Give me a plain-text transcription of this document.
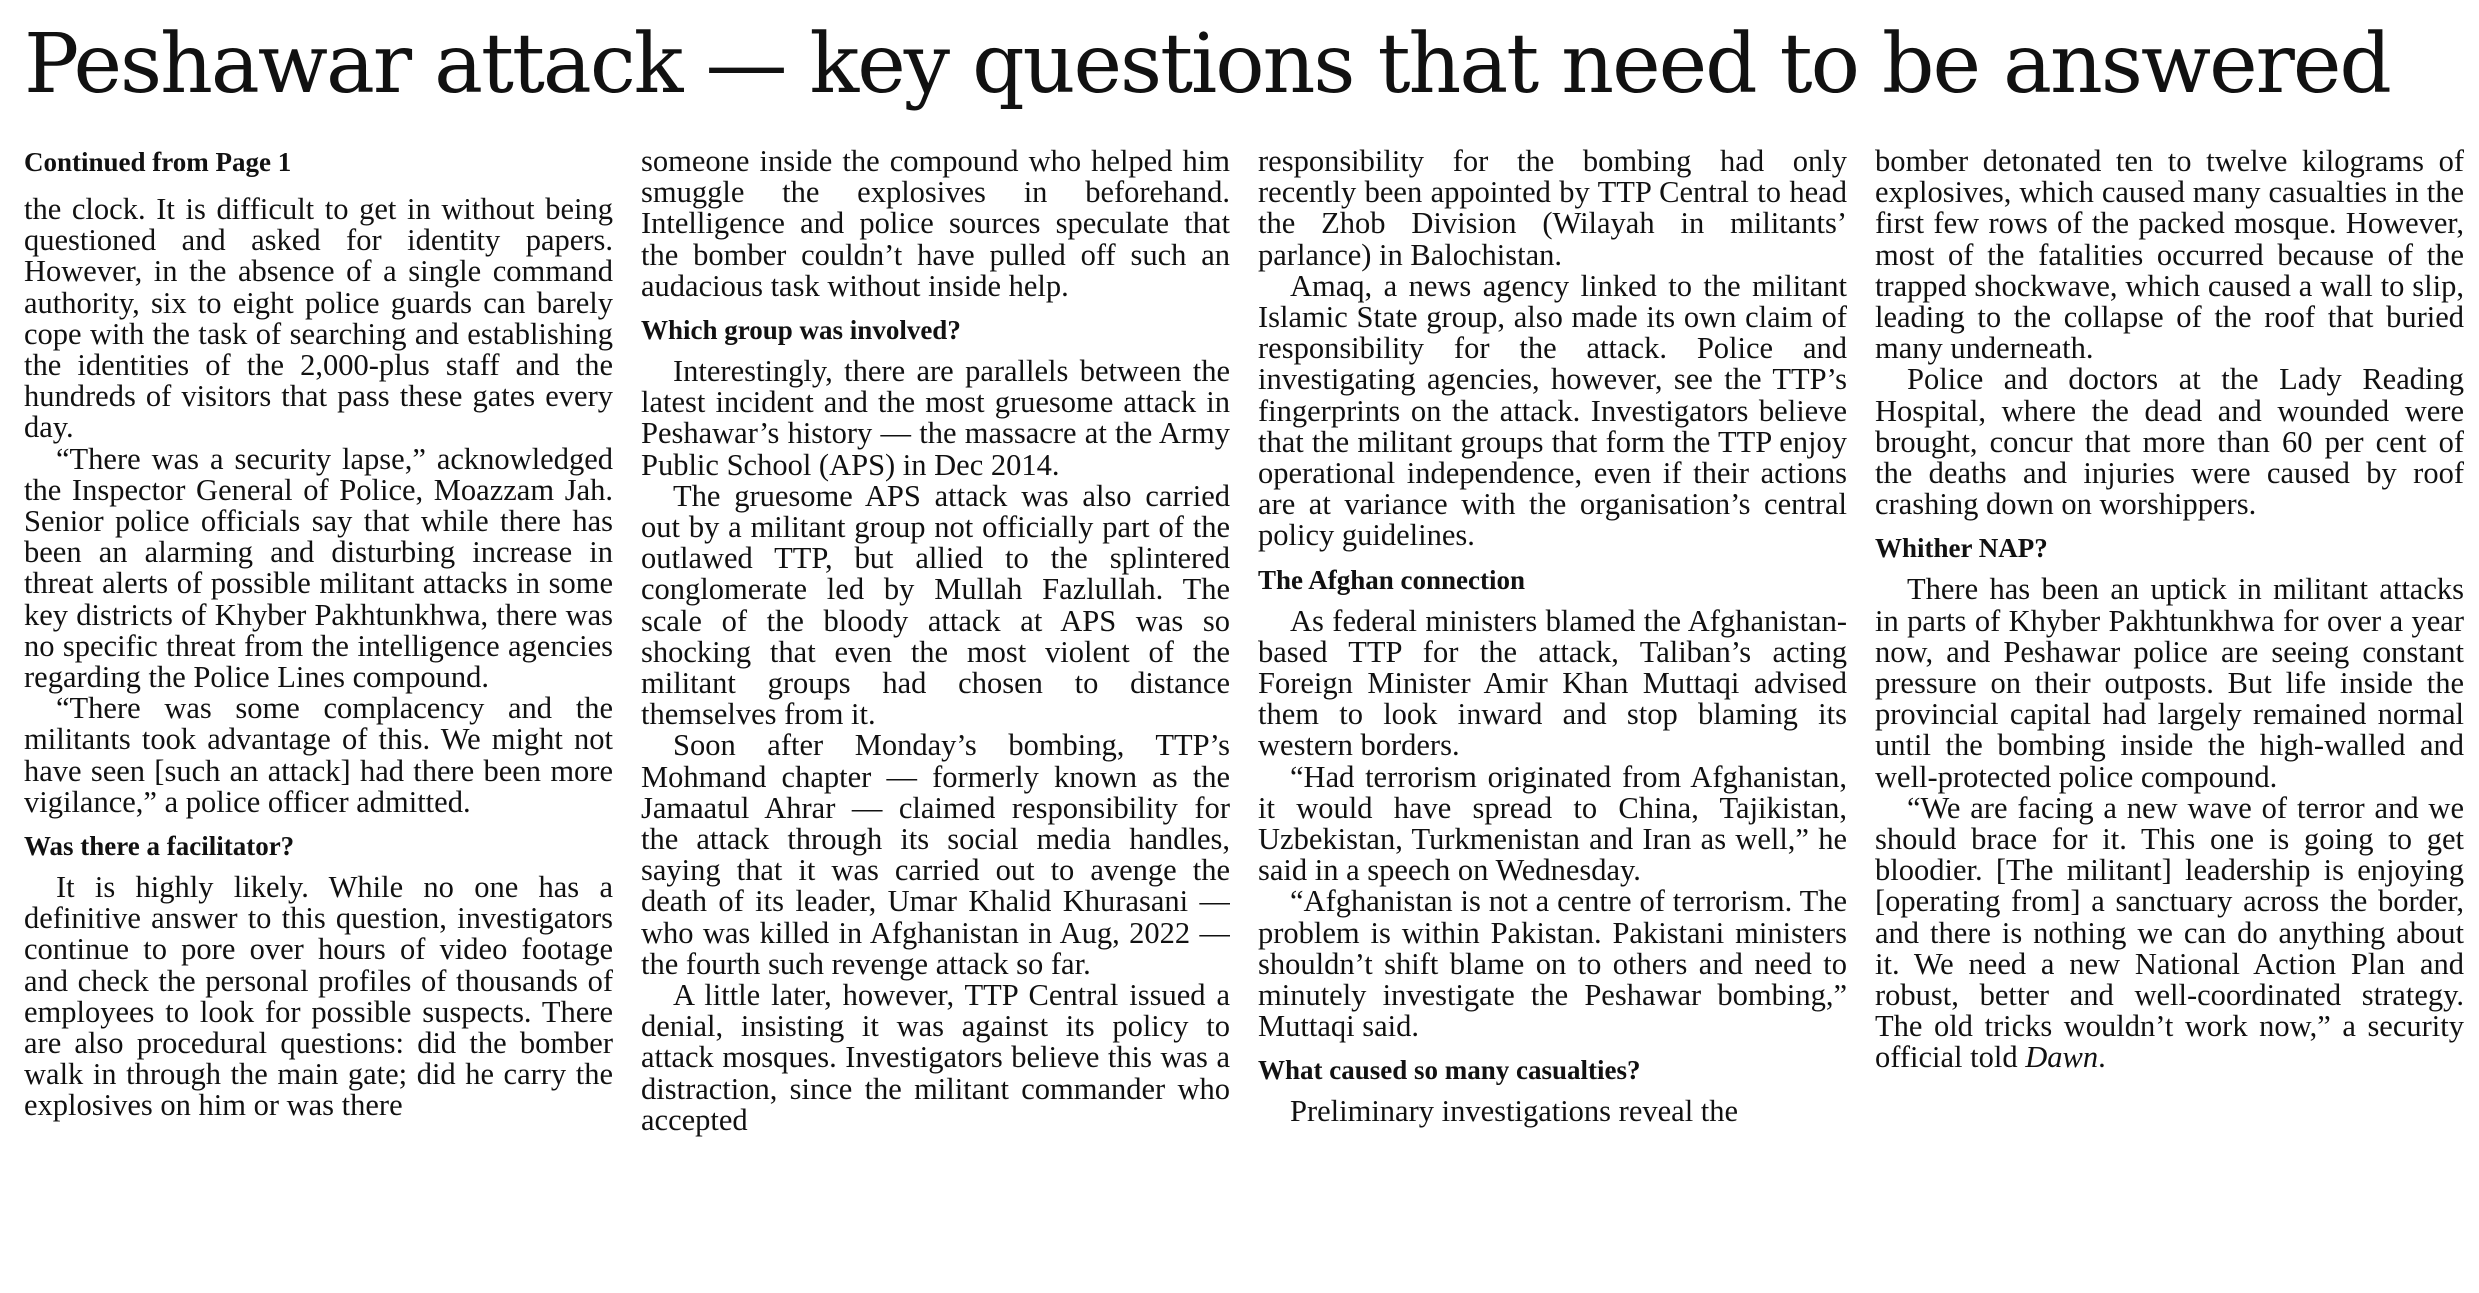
Peshawar attack — key questions that need to be answered
Continued from Page 1

the clock. It is difficult to get in without being questioned and asked for identity papers. However, in the absence of a single command authority, six to eight police guards can barely cope with the task of searching and establishing the identities of the 2,000-plus staff and the hundreds of visitors that pass these gates every day.

“There was a security lapse,” acknowledged the Inspector General of Police, Moazzam Jah. Senior police officials say that while there has been an alarming and disturbing increase in threat alerts of possible militant attacks in some key districts of Khyber Pakhtunkhwa, there was no specific threat from the intelligence agencies regarding the Police Lines compound.

“There was some complacency and the militants took advantage of this. We might not have seen [such an attack] had there been more vigilance,” a police officer admitted.

Was there a facilitator?

It is highly likely. While no one has a definitive answer to this question, investigators continue to pore over hours of video footage and check the personal profiles of thousands of employees to look for possible suspects. There are also procedural questions: did the bomber walk in through the main gate; did he carry the explosives on him or was there

someone inside the compound who helped him smuggle the explosives in beforehand. Intelligence and police sources speculate that the bomber couldn’t have pulled off such an audacious task without inside help.

Which group was involved?

Interestingly, there are parallels between the latest incident and the most gruesome attack in Peshawar’s history — the massacre at the Army Public School (APS) in Dec 2014.

The gruesome APS attack was also carried out by a militant group not officially part of the outlawed TTP, but allied to the splintered conglomerate led by Mullah Fazlullah. The scale of the bloody attack at APS was so shocking that even the most violent of the militant groups had chosen to distance themselves from it.

Soon after Monday’s bombing, TTP’s Mohmand chapter — formerly known as the Jamaatul Ahrar — claimed responsibility for the attack through its social media handles, saying that it was carried out to avenge the death of its leader, Umar Khalid Khurasani — who was killed in Afghanistan in Aug, 2022 — the fourth such revenge attack so far.

A little later, however, TTP Central issued a denial, insisting it was against its policy to attack mosques. Investigators believe this was a distraction, since the militant commander who accepted

responsibility for the bombing had only recently been appointed by TTP Central to head the Zhob Division (Wilayah in militants’ parlance) in Balochistan.

Amaq, a news agency linked to the militant Islamic State group, also made its own claim of responsibility for the attack. Police and investigating agencies, however, see the TTP’s fingerprints on the attack. Investigators believe that the militant groups that form the TTP enjoy operational independence, even if their actions are at variance with the organisation’s central policy guidelines.

The Afghan connection

As federal ministers blamed the Afghanistan-based TTP for the attack, Taliban’s acting Foreign Minister Amir Khan Muttaqi advised them to look inward and stop blaming its western borders.

“Had terrorism originated from Afghanistan, it would have spread to China, Tajikistan, Uzbekistan, Turkmenistan and Iran as well,” he said in a speech on Wednesday.

“Afghanistan is not a centre of terrorism. The problem is within Pakistan. Pakistani ministers shouldn’t shift blame on to others and need to minutely investigate the Peshawar bombing,” Muttaqi said.

What caused so many casualties?

Preliminary investigations reveal the

bomber detonated ten to twelve kilograms of explosives, which caused many casualties in the first few rows of the packed mosque. However, most of the fatalities occurred because of the trapped shockwave, which caused a wall to slip, leading to the collapse of the roof that buried many underneath.

Police and doctors at the Lady Reading Hospital, where the dead and wounded were brought, concur that more than 60 per cent of the deaths and injuries were caused by roof crashing down on worshippers.

Whither NAP?

There has been an uptick in militant attacks in parts of Khyber Pakhtunkhwa for over a year now, and Peshawar police are seeing constant pressure on their outposts. But life inside the provincial capital had largely remained normal until the bombing inside the high-walled and well-protected police compound.

“We are facing a new wave of terror and we should brace for it. This one is going to get bloodier. [The militant] leadership is enjoying [operating from] a sanctuary across the border, and there is nothing we can do anything about it. We need a new National Action Plan and robust, better and well-coordinated strategy. The old tricks wouldn’t work now,” a security official told Dawn.
